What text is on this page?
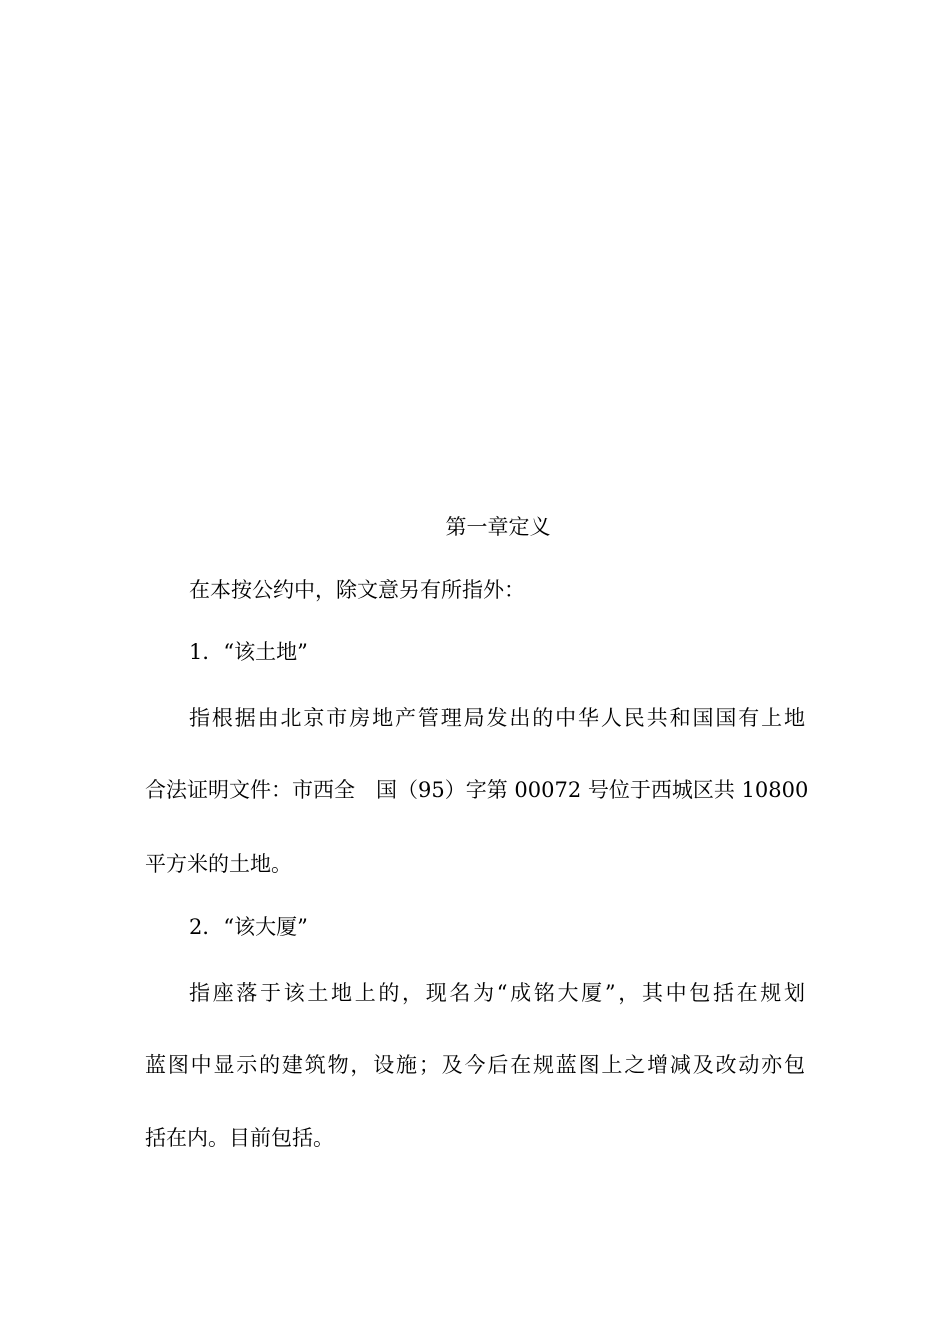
第一章定义
在本按公约中，除文意另有所指外：
1．“该土地”
指根据由北京市房地产管理局发出的中华人民共和国国有上地
合法证明文件：市西全　国（95）字第 00072 号位于西城区共 10800
平方米的土地。
2．“该大厦”
指座落于该土地上的，现名为“成铭大厦”，其中包括在规划
蓝图中显示的建筑物，设施；及今后在规蓝图上之增减及改动亦包
括在内。目前包括。
